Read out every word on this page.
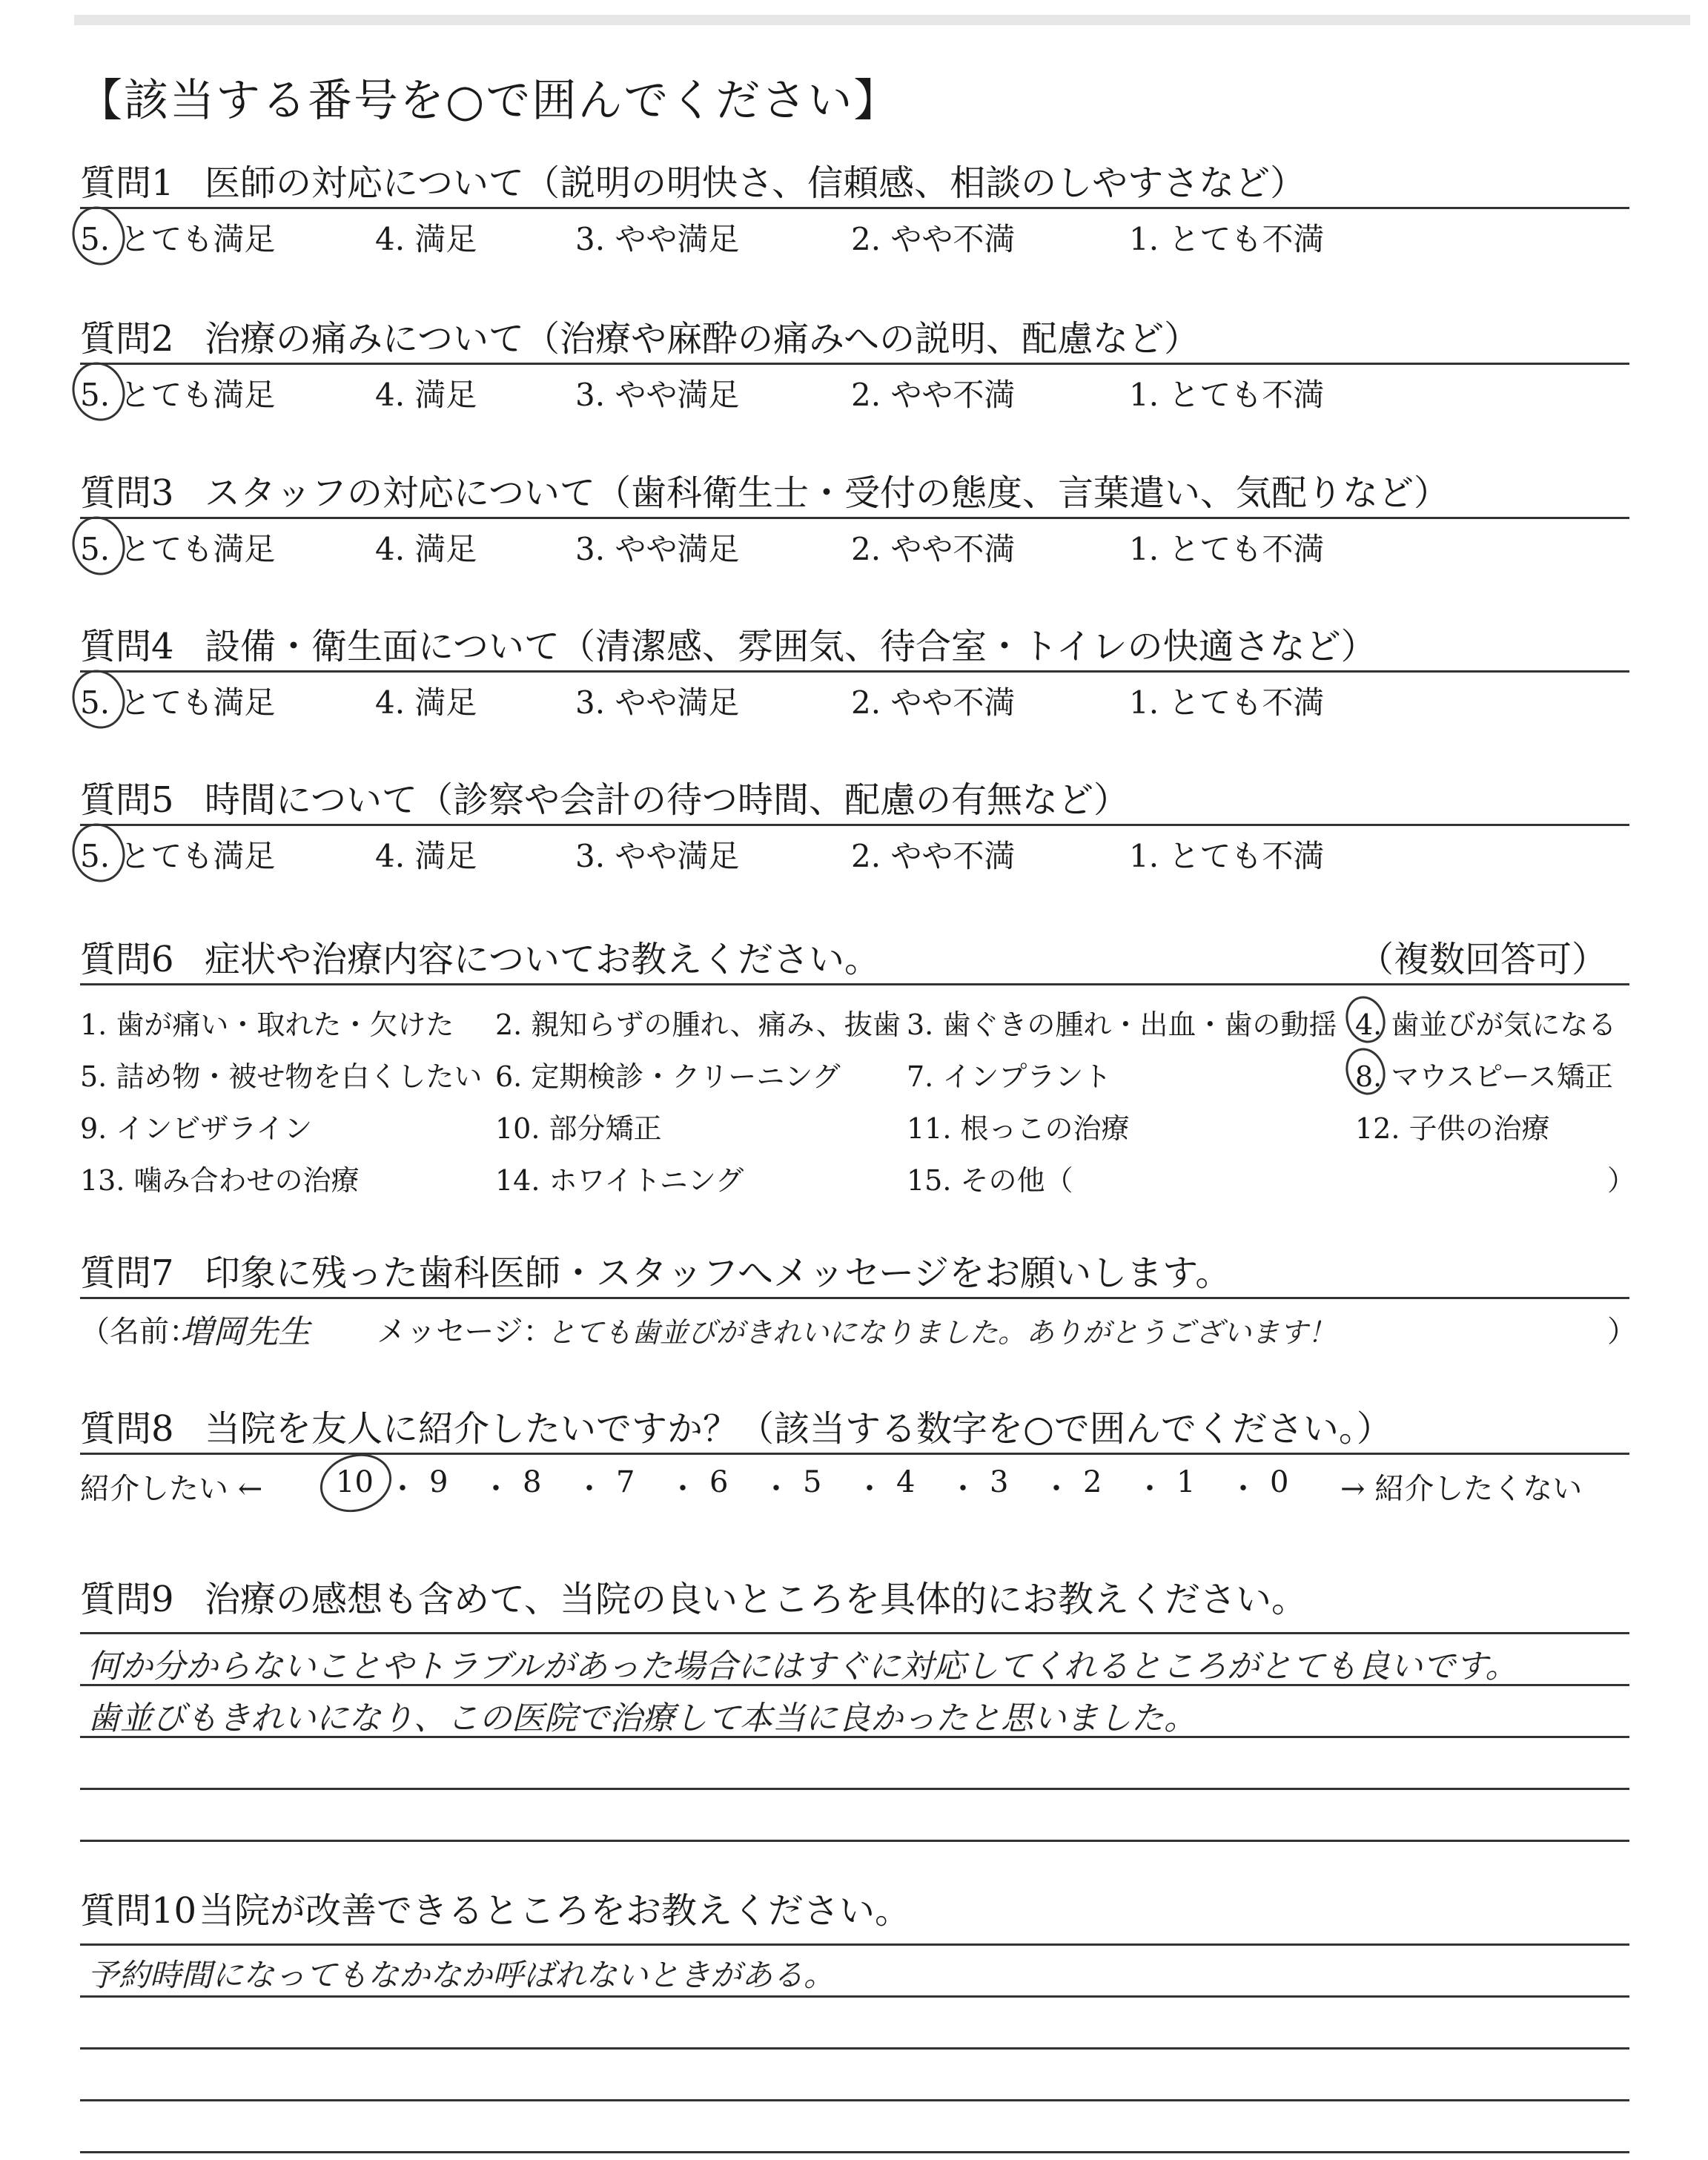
【該当する番号を○で囲んでください】
質問1 医師の対応について（説明の明快さ、信頼感、相談のしやすさなど）
5. とても満足	4. 満足	3. やや満足	2. やや不満	1. とても不満
質問2 治療の痛みについて（治療や麻酔の痛みへの説明、配慮など）
5. とても満足	4. 満足	3. やや満足	2. やや不満	1. とても不満
質問3 スタッフの対応について（歯科衛生士・受付の態度、言葉遣い、気配りなど）
5. とても満足	4. 満足	3. やや満足	2. やや不満	1. とても不満
質問4 設備・衛生面について（清潔感、雰囲気、待合室・トイレの快適さなど）
5. とても満足	4. 満足	3. やや満足	2. やや不満	1. とても不満
質問5 時間について（診察や会計の待つ時間、配慮の有無など）
5. とても満足	4. 満足	3. やや満足	2. やや不満	1. とても不満
質問6 症状や治療内容についてお教えください。	（複数回答可）
1. 歯が痛い・取れた・欠けた 2. 親知らずの腫れ、痛み、抜歯 3. 歯ぐきの腫れ・出血・歯の動揺 4. 歯並びが気になる
5. 詰め物・被せ物を白くしたい 6. 定期検診・クリーニング 7. インプラント	8. マウスピース矯正
9. インビザライン	10. 部分矯正	11. 根っこの治療	12. 子供の治療
13. 噛み合わせの治療	14. ホワイトニング	15. その他（	）
質問7 印象に残った歯科医師・スタッフへメッセージをお願いします。
（名前：
増岡先生 メッセージ：
とても歯並びがきれいになりました。ありがとうございます！	）
質問8 当院を友人に紹介したいですか？（該当する数字を○で囲んでください。）
紹介したい ←	→ 紹介したくない
10 ・ 9 ・ 8 ・ 7 ・ 6 ・ 5 ・ 4 ・ 3 ・ 2 ・ 1 ・ 0
質問9 治療の感想も含めて、当院の良いところを具体的にお教えください。
何か分からないことやトラブルがあった場合にはすぐに対応してくれるところがとても良いです。
歯並びもきれいになり、この医院で治療して本当に良かったと思いました。
質問10当院が改善できるところをお教えください。
予約時間になってもなかなか呼ばれないときがある。
